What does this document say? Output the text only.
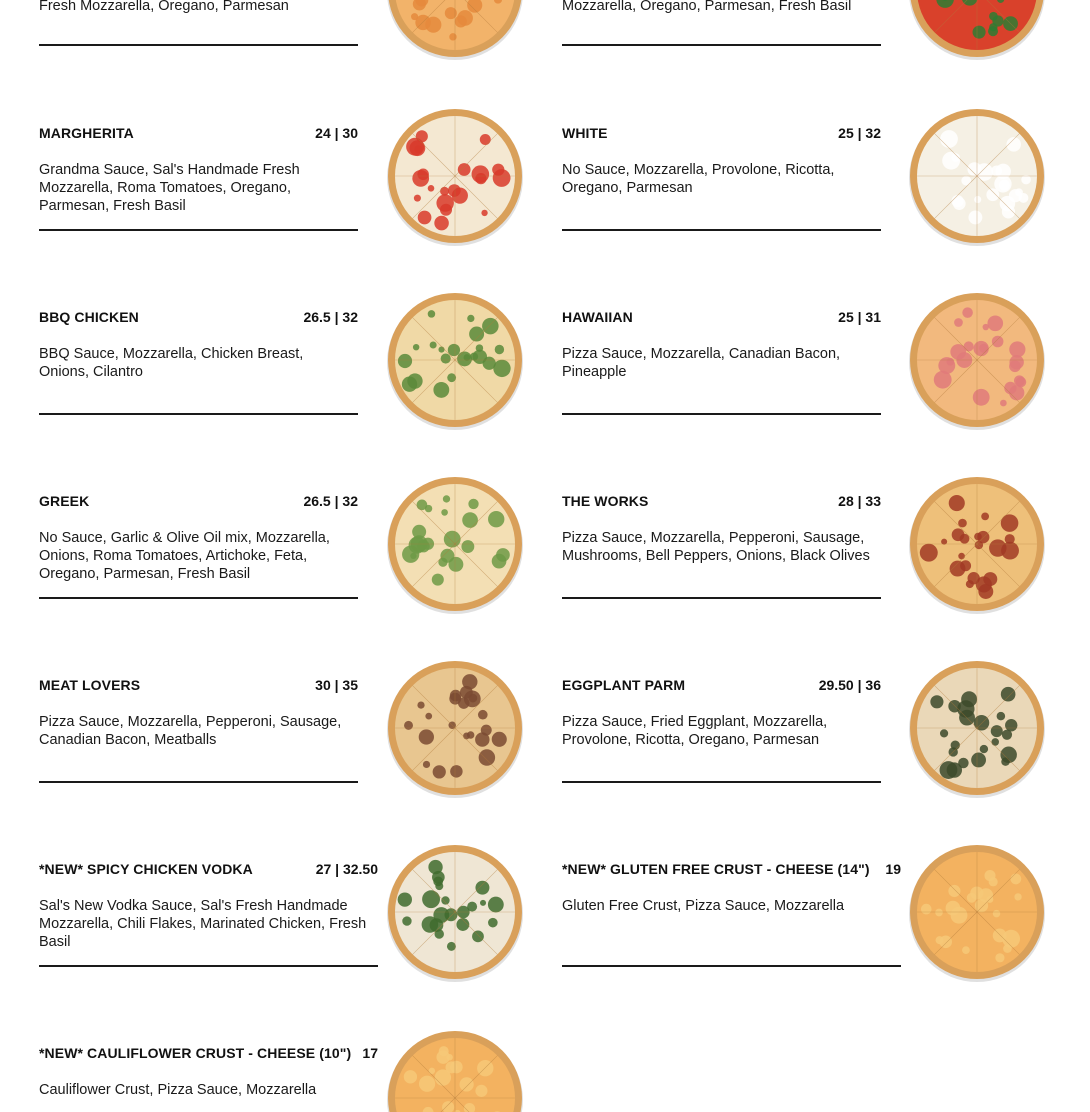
Fresh Mozzarella, Oregano, Parmesan	Mozzarella, Oregano, Parmesan, Fresh Basil
MARGHERITA	24 | 30
Grandma Sauce, Sal's Handmade Fresh Mozzarella, Roma Tomatoes, Oregano, Parmesan, Fresh Basil
WHITE	25 | 32
No Sauce, Mozzarella, Provolone, Ricotta, Oregano, Parmesan
BBQ CHICKEN	26.5 | 32
BBQ Sauce, Mozzarella, Chicken Breast, Onions, Cilantro
HAWAIIAN	25 | 31
Pizza Sauce, Mozzarella, Canadian Bacon, Pineapple
GREEK	26.5 | 32
No Sauce, Garlic & Olive Oil mix, Mozzarella, Onions, Roma Tomatoes, Artichoke, Feta, Oregano, Parmesan, Fresh Basil
THE WORKS	28 | 33
Pizza Sauce, Mozzarella, Pepperoni, Sausage, Mushrooms, Bell Peppers, Onions, Black Olives
MEAT LOVERS	30 | 35
Pizza Sauce, Mozzarella, Pepperoni, Sausage, Canadian Bacon, Meatballs
EGGPLANT PARM	29.50 | 36
Pizza Sauce, Fried Eggplant, Mozzarella, Provolone, Ricotta, Oregano, Parmesan
*NEW* SPICY CHICKEN VODKA	27 | 32.50
Sal's New Vodka Sauce, Sal's Fresh Handmade Mozzarella, Chili Flakes, Marinated Chicken, Fresh Basil
*NEW* GLUTEN FREE CRUST - CHEESE (14") 19
Gluten Free Crust, Pizza Sauce, Mozzarella
*NEW* CAULIFLOWER CRUST - CHEESE (10") 17
Cauliflower Crust, Pizza Sauce, Mozzarella
